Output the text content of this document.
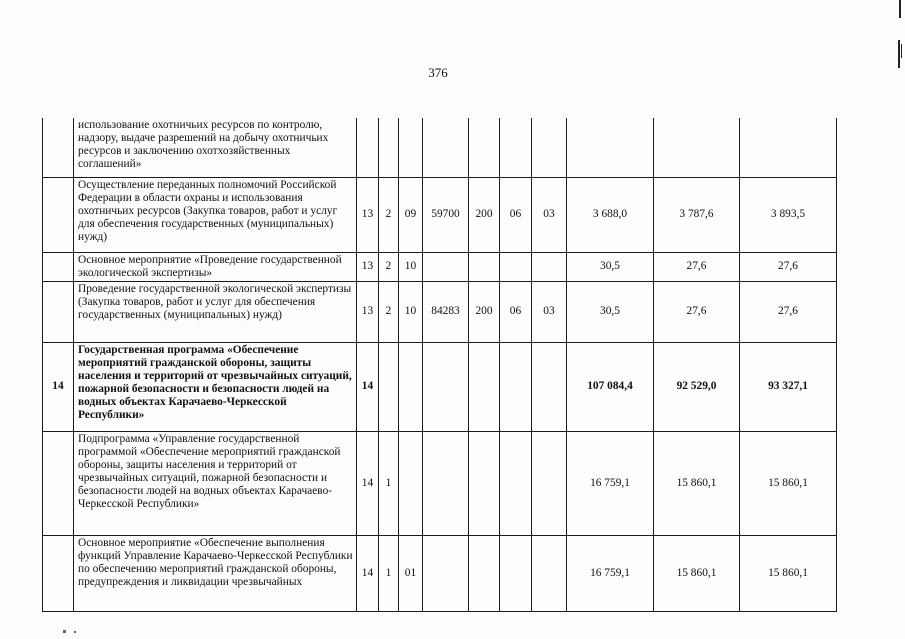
376
	использование охотничьих ресурсов по контролю, надзору, выдаче разрешений на добычу охотничьих ресурсов и заключению охотхозяйственных соглашений»										
	Осуществление переданных полномочий Российской Федерации в области охраны и использования охотничьих ресурсов (Закупка товаров, работ и услуг для обеспечения государственных (муниципальных) нужд)	13	2	09	59700	200	06	03	3 688,0	3 787,6	3 893,5
	Основное мероприятие «Проведение государственной экологической экспертизы»	13	2	10					30,5	27,6	27,6
	Проведение государственной экологической экспертизы (Закупка товаров, работ и услуг для обеспечения государственных (муниципальных) нужд)	13	2	10	84283	200	06	03	30,5	27,6	27,6
14	Государственная программа «Обеспечение мероприятий гражданской обороны, защиты населения и территорий от чрезвычайных ситуаций, пожарной безопасности и безопасности людей на водных объектах Карачаево-Черкесской Республики»	14							107 084,4	92 529,0	93 327,1
	Подпрограмма «Управление государственной программой «Обеспечение мероприятий гражданской обороны, защиты населения и территорий от чрезвычайных ситуаций, пожарной безопасности и безопасности людей на водных объектах Карачаево-Черкесской Республики»	14	1						16 759,1	15 860,1	15 860,1
	Основное мероприятие «Обеспечение выполнения функций Управление Карачаево-Черкесской Республики по обеспечению мероприятий гражданской обороны, предупреждения и ликвидации чрезвычайных	14	1	01					16 759,1	15 860,1	15 860,1
